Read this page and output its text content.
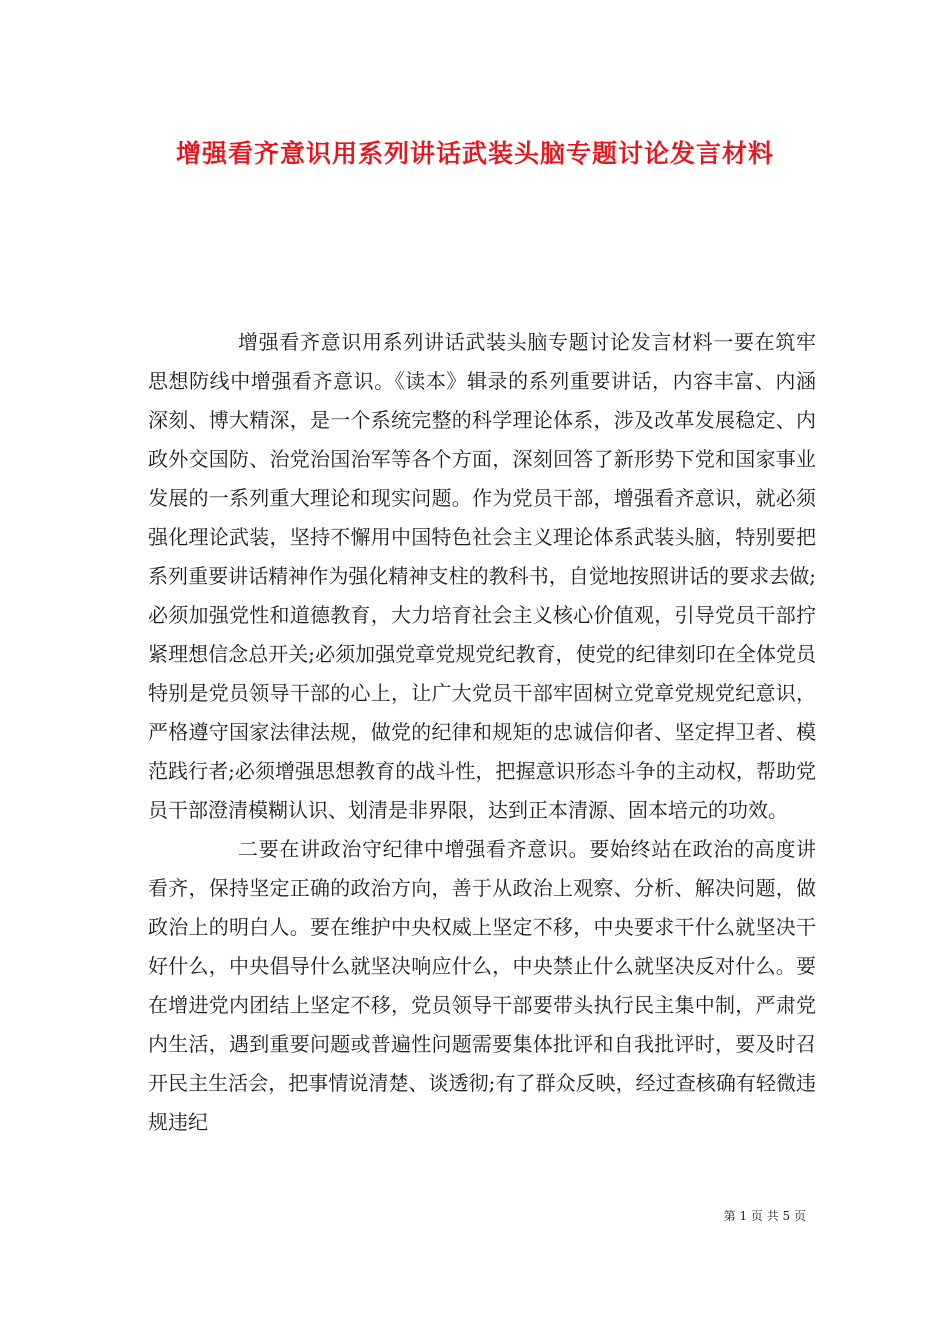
增强看齐意识用系列讲话武装头脑专题讨论发言材料

增强看齐意识用系列讲话武装头脑专题讨论发言材料一要在筑牢思想防线中增强看齐意识。《读本》辑录的系列重要讲话，内容丰富、内涵深刻、博大精深，是一个系统完整的科学理论体系，涉及改革发展稳定、内政外交国防、治党治国治军等各个方面，深刻回答了新形势下党和国家事业发展的一系列重大理论和现实问题。作为党员干部，增强看齐意识，就必须强化理论武装，坚持不懈用中国特色社会主义理论体系武装头脑，特别要把系列重要讲话精神作为强化精神支柱的教科书，自觉地按照讲话的要求去做;必须加强党性和道德教育，大力培育社会主义核心价值观，引导党员干部拧紧理想信念总开关;必须加强党章党规党纪教育，使党的纪律刻印在全体党员特别是党员领导干部的心上，让广大党员干部牢固树立党章党规党纪意识，严格遵守国家法律法规，做党的纪律和规矩的忠诚信仰者、坚定捍卫者、模范践行者;必须增强思想教育的战斗性，把握意识形态斗争的主动权，帮助党员干部澄清模糊认识、划清是非界限，达到正本清源、固本培元的功效。

二要在讲政治守纪律中增强看齐意识。要始终站在政治的高度讲看齐，保持坚定正确的政治方向，善于从政治上观察、分析、解决问题，做政治上的明白人。要在维护中央权威上坚定不移，中央要求干什么就坚决干好什么，中央倡导什么就坚决响应什么，中央禁止什么就坚决反对什么。要在增进党内团结上坚定不移，党员领导干部要带头执行民主集中制，严肃党内生活，遇到重要问题或普遍性问题需要集体批评和自我批评时，要及时召开民主生活会，把事情说清楚、谈透彻;有了群众反映，经过查核确有轻微违规违纪

第 1 页 共 5 页
